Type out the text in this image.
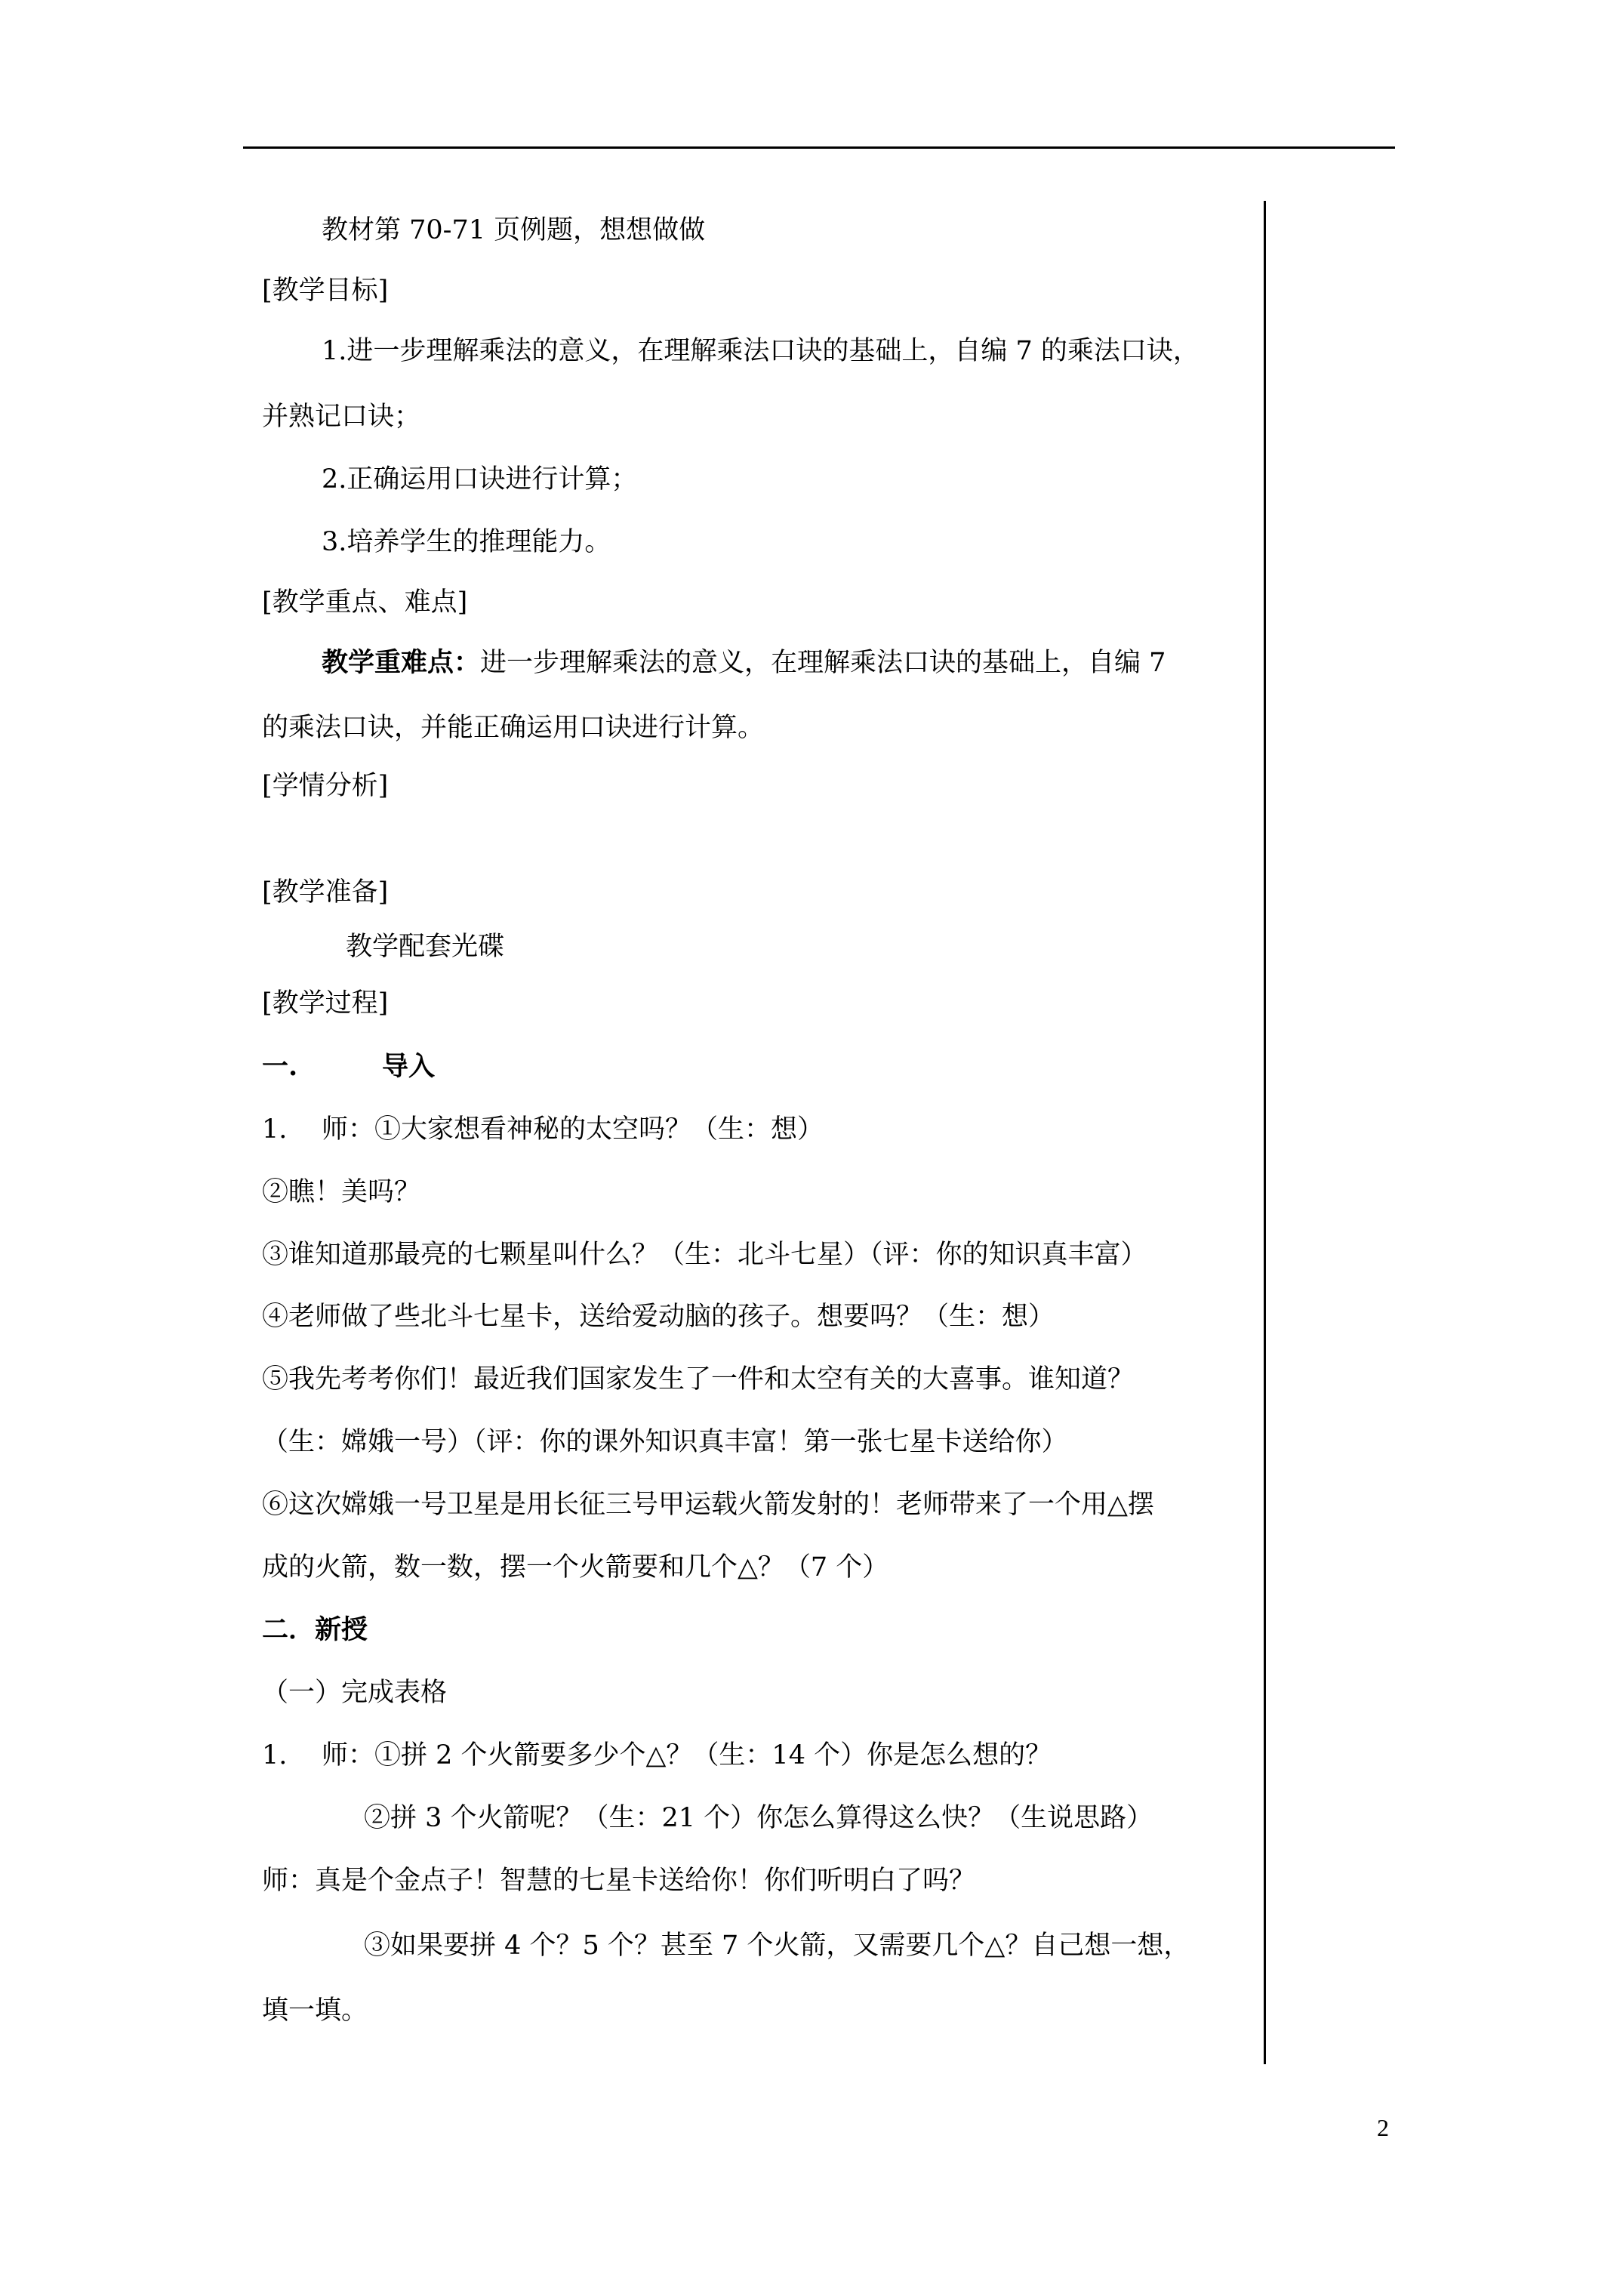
教材第 70-71 页例题，想想做做
[教学目标]
1.进一步理解乘法的意义，在理解乘法口诀的基础上，自编 7 的乘法口诀，
并熟记口诀；
2.正确运用口诀进行计算；
3.培养学生的推理能力。
[教学重点、难点]
教学重难点：进一步理解乘法的意义，在理解乘法口诀的基础上，自编 7
的乘法口诀，并能正确运用口诀进行计算。
[学情分析]
[教学准备]
教学配套光碟
[教学过程]
一.	导入
1. 师：①大家想看神秘的太空吗？（生：想）
②瞧！美吗？
③谁知道那最亮的七颗星叫什么？（生：北斗七星）（评：你的知识真丰富）
④老师做了些北斗七星卡，送给爱动脑的孩子。想要吗？（生：想）
⑤我先考考你们！最近我们国家发生了一件和太空有关的大喜事。谁知道？
（生：嫦娥一号）（评：你的课外知识真丰富！第一张七星卡送给你）
⑥这次嫦娥一号卫星是用长征三号甲运载火箭发射的！老师带来了一个用△摆
成的火箭，数一数，摆一个火箭要和几个△？（7 个）
二．新授
（一）完成表格
1. 师：①拼 2 个火箭要多少个△？（生：14 个）你是怎么想的？
②拼 3 个火箭呢？（生：21 个）你怎么算得这么快？（生说思路）
师：真是个金点子！智慧的七星卡送给你！你们听明白了吗？
③如果要拼 4 个？5 个？甚至 7 个火箭，又需要几个△？自己想一想，
填一填。
2
